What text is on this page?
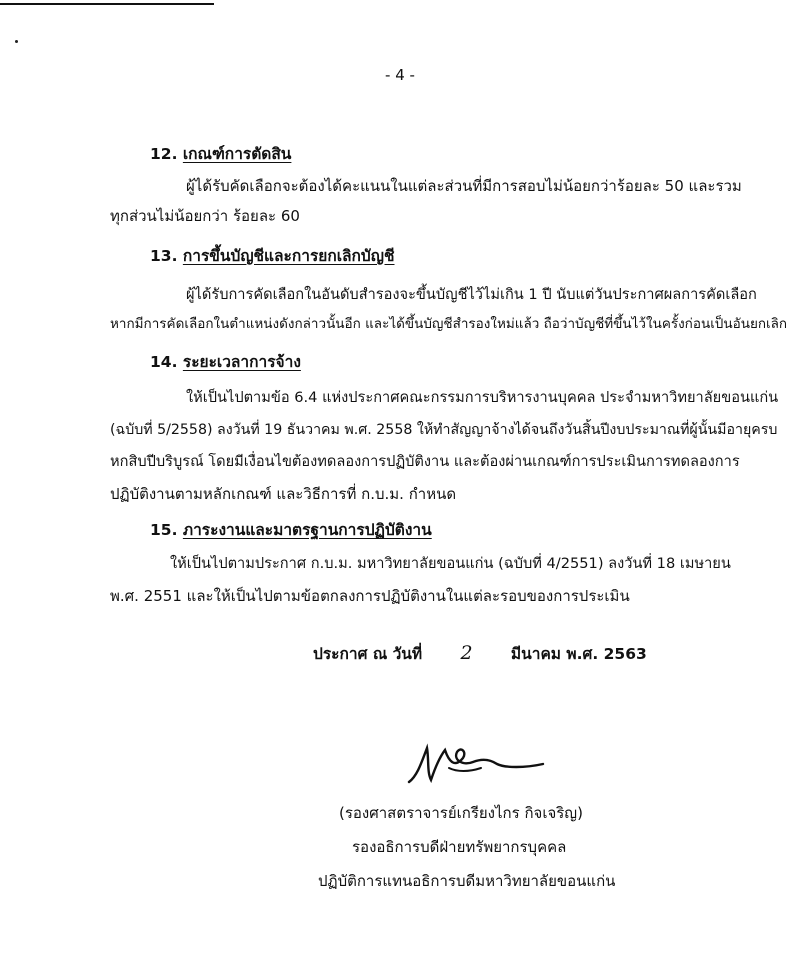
- 4 -
12. เกณฑ์การตัดสิน
ผู้ได้รับคัดเลือกจะต้องได้คะแนนในแต่ละส่วนที่มีการสอบไม่น้อยกว่าร้อยละ 50 และรวม
ทุกส่วนไม่น้อยกว่า ร้อยละ 60
13. การขึ้นบัญชีและการยกเลิกบัญชี
ผู้ได้รับการคัดเลือกในอันดับสำรองจะขึ้นบัญชีไว้ไม่เกิน 1 ปี นับแต่วันประกาศผลการคัดเลือก
หากมีการคัดเลือกในตำแหน่งดังกล่าวนั้นอีก และได้ขึ้นบัญชีสำรองใหม่แล้ว ถือว่าบัญชีที่ขึ้นไว้ในครั้งก่อนเป็นอันยกเลิก
14. ระยะเวลาการจ้าง
ให้เป็นไปตามข้อ 6.4 แห่งประกาศคณะกรรมการบริหารงานบุคคล ประจำมหาวิทยาลัยขอนแก่น
(ฉบับที่ 5/2558) ลงวันที่ 19 ธันวาคม พ.ศ. 2558 ให้ทำสัญญาจ้างได้จนถึงวันสิ้นปีงบประมาณที่ผู้นั้นมีอายุครบ
หกสิบปีบริบูรณ์ โดยมีเงื่อนไขต้องทดลองการปฏิบัติงาน และต้องผ่านเกณฑ์การประเมินการทดลองการ
ปฏิบัติงานตามหลักเกณฑ์ และวิธีการที่ ก.บ.ม. กำหนด
15. ภาระงานและมาตรฐานการปฏิบัติงาน
ให้เป็นไปตามประกาศ ก.บ.ม. มหาวิทยาลัยขอนแก่น (ฉบับที่ 4/2551) ลงวันที่ 18 เมษายน
พ.ศ. 2551 และให้เป็นไปตามข้อตกลงการปฏิบัติงานในแต่ละรอบของการประเมิน
ประกาศ ณ วันที่ 2 มีนาคม พ.ศ. 2563
(รองศาสตราจารย์เกรียงไกร กิจเจริญ)
รองอธิการบดีฝ่ายทรัพยากรบุคคล
ปฏิบัติการแทนอธิการบดีมหาวิทยาลัยขอนแก่น
